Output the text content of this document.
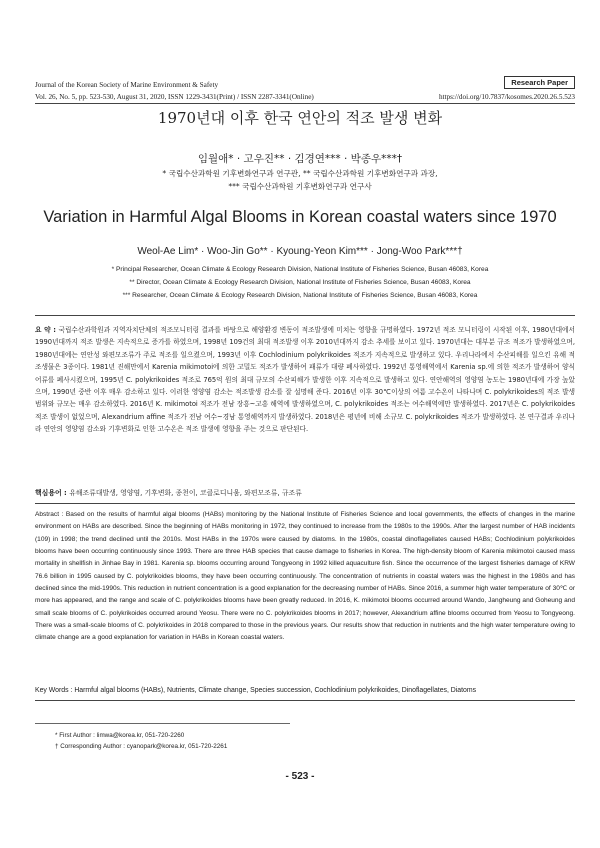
Journal of the Korean Society of Marine Environment & Safety	Research Paper
Vol. 26, No. 5, pp. 523-530, August 31, 2020, ISSN 1229-3431(Print) / ISSN 2287-3341(Online)	https://doi.org/10.7837/kosomes.2020.26.5.523
1970년대 이후 한국 연안의 적조 발생 변화
임월애* · 고우진** · 김경연*** · 박종우***†
* 국립수산과학원 기후변화연구과 연구관, ** 국립수산과학원 기후변화연구과 과장,
*** 국립수산과학원 기후변화연구과 연구사
Variation in Harmful Algal Blooms in Korean coastal waters since 1970
Weol-Ae Lim* · Woo-Jin Go** · Kyoung-Yeon Kim*** · Jong-Woo Park***†
* Principal Researcher, Ocean Climate & Ecology Research Division, National Institute of Fisheries Science, Busan 46083, Korea
** Director, Ocean Climate & Ecology Research Division, National Institute of Fisheries Science, Busan 46083, Korea
*** Researcher, Ocean Climate & Ecology Research Division, National Institute of Fisheries Science, Busan 46083, Korea
요 약 : 국립수산과학원과 지역자치단체의 적조모니터링 결과를 바탕으로 해양환경 변동이 적조발생에 미치는 영향을 규명하였다. 1972년 적조 모니터링이 시작된 이후, 1980년대에서 1990년대까지 적조 발생은 지속적으로 증가를 하였으며, 1998년 109건의 최대 적조발생 이후 2010년대까지 감소 추세를 보이고 있다. 1970년대는 대부분 규조 적조가 발생하였으며, 1980년대에는 연안성 와편모조류가 주로 적조를 일으켰으며, 1993년 이후 Cochlodinium polykrikoides 적조가 지속적으로 발생하고 있다. 우리나라에서 수산피해를 일으킨 유해 적조생물은 3종이다. 1981년 진해만에서 Karenia mikimotoi에 의한 고밀도 적조가 발생하여 패류가 대량 폐사하였다. 1992년 통영해역에서 Karenia sp.에 의한 적조가 발생하여 양식어류를 폐사시켰으며, 1995년 C. polykrikoides 적조로 765억 원의 최대 규모의 수산피해가 발생한 이후 지속적으로 발생하고 있다. 연안해역의 영양염 농도는 1980년대에 가장 높았으며, 1990년 중반 이후 매우 감소하고 있다. 이러한 영양염 감소는 적조발생 감소를 잘 설명해 준다. 2016년 이후 30℃이상의 여름 고수온이 나타나며 C. polykrikoides의 적조 발생 범위와 규모는 매우 감소하였다. 2016년 K. mikimotoi 적조가 전남 장흥~고흥 해역에 발생하였으며, C. polykrikoides 적조는 여수해역에만 발생하였다. 2017년은 C. polykrikoides 적조 발생이 없었으며, Alexandrium affine 적조가 전남 여수~경남 통영해역까지 발생하였다. 2018년은 평년에 비해 소규모 C. polykrikoides 적조가 발생하였다. 본 연구결과 우리나라 연안의 영양염 감소와 기후변화로 인한 고수온은 적조 발생에 영향을 주는 것으로 판단된다.
핵심용어 : 유해조류대발생, 영양염, 기후변화, 종천이, 코클로디니움, 와편모조류, 규조류
Abstract : Based on the results of harmful algal blooms (HABs) monitoring by the National Institute of Fisheries Science and local governments, the effects of changes in the marine environment on HABs are described. Since the beginning of HABs monitoring in 1972, they continued to increase from the 1980s to the 1990s. After the largest number of HAB incidents (109) in 1998; the trend declined until the 2010s. Most HABs in the 1970s were caused by diatoms. In the 1980s, coastal dinoflagellates caused HABs; Cochlodinium polykrikoides blooms have been occurring continuously since 1993. There are three HAB species that cause damage to fisheries in Korea. The high-density bloom of Karenia mikimotoi caused mass mortality in shellfish in Jinhae Bay in 1981. Karenia sp. blooms occurring around Tongyeong in 1992 killed aquaculture fish. Since the occurrence of the largest fisheries damage of KRW 76.6 billion in 1995 caused by C. polykrikoides blooms, they have been occurring continuously. The concentration of nutrients in coastal waters was the highest in the 1980s and has declined since the mid-1990s. This reduction in nutrient concentration is a good explanation for the decreasing number of HABs. Since 2016, a summer high water temperature of 30℃ or more has appeared, and the range and scale of C. polykrikoides blooms have been greatly reduced. In 2016, K. mikimotoi blooms occurred around Wando, Jangheung and Goheung and small scale blooms of C. polykrikoides occurred around Yeosu. There were no C. polykrikoides blooms in 2017; however, Alexandrium affine blooms occurred from Yeosu to Tongyeong. There was a small-scale blooms of C. polykrikoides in 2018 compared to those in the previous years. Our results show that reduction in nutrients and the high water temperature owing to climate change are a good explanation for variation in HABs in Korean coastal waters.
Key Words : Harmful algal blooms (HABs), Nutrients, Climate change, Species succession, Cochlodinium polykrikoides, Dinoflagellates, Diatoms
* First Author : limwa@korea.kr, 051-720-2260
† Corresponding Author : cyanopark@korea.kr, 051-720-2261
- 523 -
